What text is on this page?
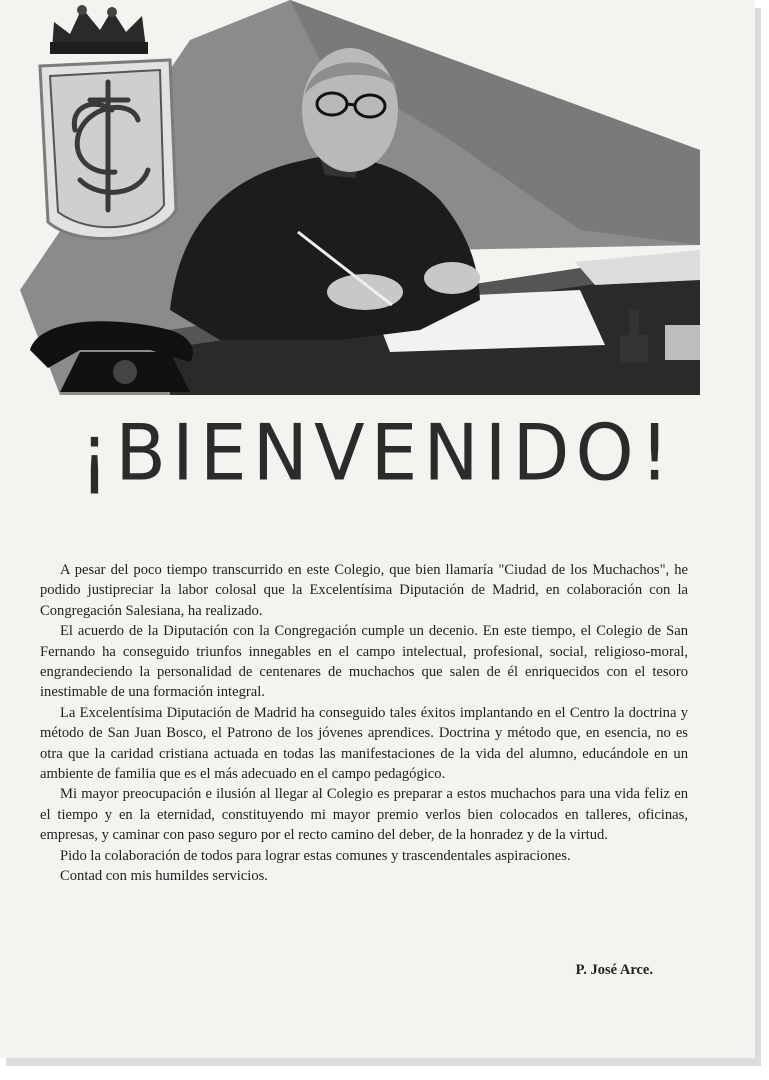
¡BIENVENIDO!

A pesar del poco tiempo transcurrido en este Colegio, que bien llamaría "Ciudad de los Muchachos", he podido justipreciar la labor colosal que la Excelentísima Diputación de Madrid, en colaboración con la Congregación Salesiana, ha realizado.

El acuerdo de la Diputación con la Congregación cumple un decenio. En este tiempo, el Colegio de San Fernando ha conseguido triunfos innegables en el campo intelectual, profesional, social, religioso-moral, engrandeciendo la personalidad de centenares de muchachos que salen de él enriquecidos con el tesoro inestimable de una formación integral.

La Excelentísima Diputación de Madrid ha conseguido tales éxitos implantando en el Centro la doctrina y método de San Juan Bosco, el Patrono de los jóvenes aprendices. Doctrina y método que, en esencia, no es otra que la caridad cristiana actuada en todas las manifestaciones de la vida del alumno, educándole en un ambiente de familia que es el más adecuado en el campo pedagógico.

Mi mayor preocupación e ilusión al llegar al Colegio es preparar a estos muchachos para una vida feliz en el tiempo y en la eternidad, constituyendo mi mayor premio verlos bien colocados en talleres, oficinas, empresas, y caminar con paso seguro por el recto camino del deber, de la honradez y de la virtud.

Pido la colaboración de todos para lograr estas comunes y trascendentales aspiraciones.

Contad con mis humildes servicios.

P. José Arce.
